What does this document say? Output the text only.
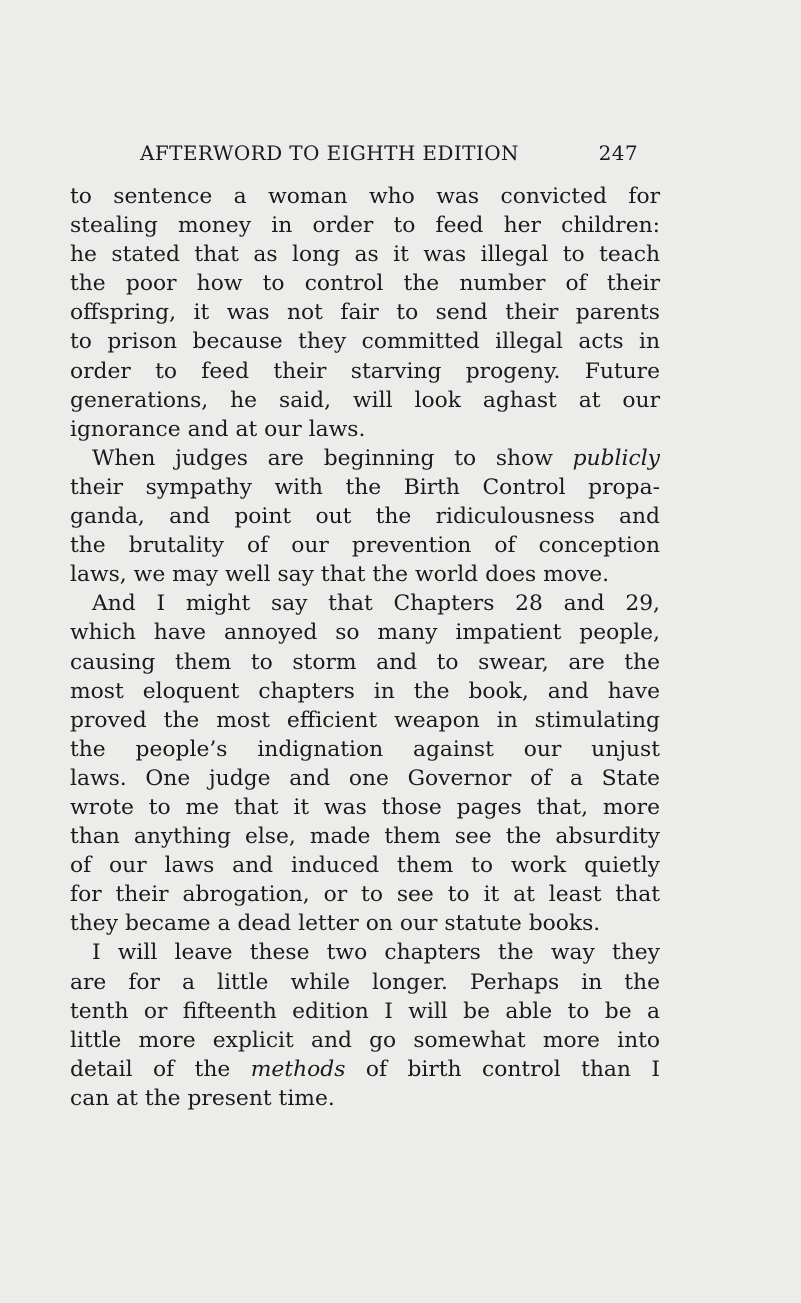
AFTERWORD TO EIGHTH EDITION	247
to sentence a woman who was convicted for
stealing money in order to feed her children:
he stated that as long as it was illegal to teach
the poor how to control the number of their
offspring, it was not fair to send their parents
to prison because they committed illegal acts in
order to feed their starving progeny. Future
generations, he said, will look aghast at our
ignorance and at our laws.
When judges are beginning to show publicly
their sympathy with the Birth Control propa-
ganda, and point out the ridiculousness and
the brutality of our prevention of conception
laws, we may well say that the world does move.
And I might say that Chapters 28 and 29,
which have annoyed so many impatient people,
causing them to storm and to swear, are the
most eloquent chapters in the book, and have
proved the most efficient weapon in stimulating
the people’s indignation against our unjust
laws. One judge and one Governor of a State
wrote to me that it was those pages that, more
than anything else, made them see the absurdity
of our laws and induced them to work quietly
for their abrogation, or to see to it at least that
they became a dead letter on our statute books.
I will leave these two chapters the way they
are for a little while longer. Perhaps in the
tenth or fifteenth edition I will be able to be a
little more explicit and go somewhat more into
detail of the methods of birth control than I
can at the present time.
